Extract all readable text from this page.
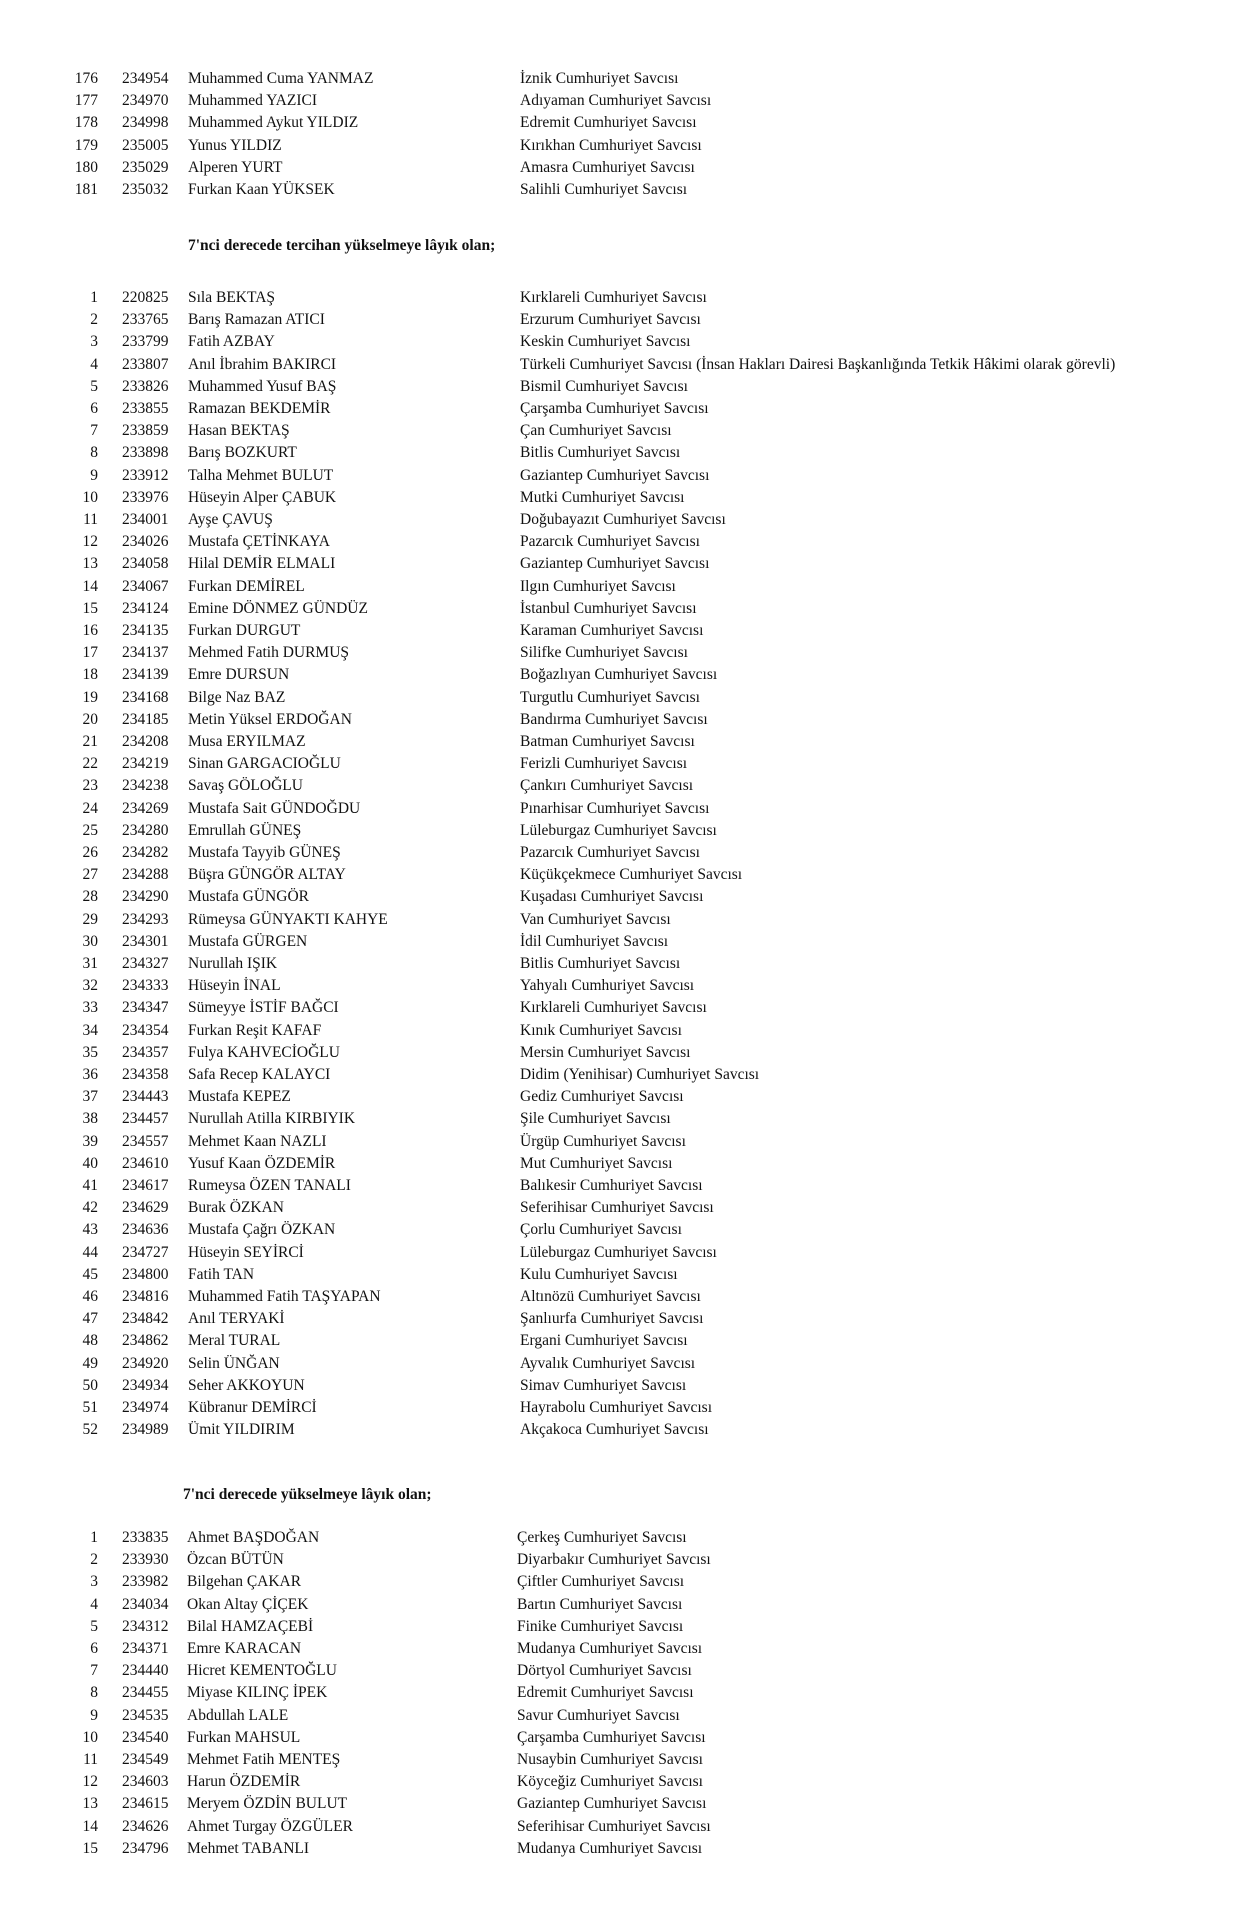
176 234954 Muhammed Cuma YANMAZ	İznik Cumhuriyet Savcısı
177 234970 Muhammed YAZICI	Adıyaman Cumhuriyet Savcısı
178 234998 Muhammed Aykut YILDIZ	Edremit Cumhuriyet Savcısı
179 235005 Yunus YILDIZ	Kırıkhan Cumhuriyet Savcısı
180 235029 Alperen YURT	Amasra Cumhuriyet Savcısı
181 235032 Furkan Kaan YÜKSEK	Salihli Cumhuriyet Savcısı
7'nci derecede tercihan yükselmeye lâyık olan;
1 220825 Sıla BEKTAŞ	Kırklareli Cumhuriyet Savcısı
2 233765 Barış Ramazan ATICI	Erzurum Cumhuriyet Savcısı
3 233799 Fatih AZBAY	Keskin Cumhuriyet Savcısı
4 233807 Anıl İbrahim BAKIRCI	Türkeli Cumhuriyet Savcısı (İnsan Hakları Dairesi Başkanlığında Tetkik Hâkimi olarak görevli)
5 233826 Muhammed Yusuf BAŞ	Bismil Cumhuriyet Savcısı
6 233855 Ramazan BEKDEMİR	Çarşamba Cumhuriyet Savcısı
7 233859 Hasan BEKTAŞ	Çan Cumhuriyet Savcısı
8 233898 Barış BOZKURT	Bitlis Cumhuriyet Savcısı
9 233912 Talha Mehmet BULUT	Gaziantep Cumhuriyet Savcısı
10 233976 Hüseyin Alper ÇABUK	Mutki Cumhuriyet Savcısı
11 234001 Ayşe ÇAVUŞ	Doğubayazıt Cumhuriyet Savcısı
12 234026 Mustafa ÇETİNKAYA	Pazarcık Cumhuriyet Savcısı
13 234058 Hilal DEMİR ELMALI	Gaziantep Cumhuriyet Savcısı
14 234067 Furkan DEMİREL	Ilgın Cumhuriyet Savcısı
15 234124 Emine DÖNMEZ GÜNDÜZ	İstanbul Cumhuriyet Savcısı
16 234135 Furkan DURGUT	Karaman Cumhuriyet Savcısı
17 234137 Mehmed Fatih DURMUŞ	Silifke Cumhuriyet Savcısı
18 234139 Emre DURSUN	Boğazlıyan Cumhuriyet Savcısı
19 234168 Bilge Naz BAZ	Turgutlu Cumhuriyet Savcısı
20 234185 Metin Yüksel ERDOĞAN	Bandırma Cumhuriyet Savcısı
21 234208 Musa ERYILMAZ	Batman Cumhuriyet Savcısı
22 234219 Sinan GARGACIOĞLU	Ferizli Cumhuriyet Savcısı
23 234238 Savaş GÖLOĞLU	Çankırı Cumhuriyet Savcısı
24 234269 Mustafa Sait GÜNDOĞDU	Pınarhisar Cumhuriyet Savcısı
25 234280 Emrullah GÜNEŞ	Lüleburgaz Cumhuriyet Savcısı
26 234282 Mustafa Tayyib GÜNEŞ	Pazarcık Cumhuriyet Savcısı
27 234288 Büşra GÜNGÖR ALTAY	Küçükçekmece Cumhuriyet Savcısı
28 234290 Mustafa GÜNGÖR	Kuşadası Cumhuriyet Savcısı
29 234293 Rümeysa GÜNYAKTI KAHYE	Van Cumhuriyet Savcısı
30 234301 Mustafa GÜRGEN	İdil Cumhuriyet Savcısı
31 234327 Nurullah IŞIK	Bitlis Cumhuriyet Savcısı
32 234333 Hüseyin İNAL	Yahyalı Cumhuriyet Savcısı
33 234347 Sümeyye İSTİF BAĞCI	Kırklareli Cumhuriyet Savcısı
34 234354 Furkan Reşit KAFAF	Kınık Cumhuriyet Savcısı
35 234357 Fulya KAHVECİOĞLU	Mersin Cumhuriyet Savcısı
36 234358 Safa Recep KALAYCI	Didim (Yenihisar) Cumhuriyet Savcısı
37 234443 Mustafa KEPEZ	Gediz Cumhuriyet Savcısı
38 234457 Nurullah Atilla KIRBIYIK	Şile Cumhuriyet Savcısı
39 234557 Mehmet Kaan NAZLI	Ürgüp Cumhuriyet Savcısı
40 234610 Yusuf Kaan ÖZDEMİR	Mut Cumhuriyet Savcısı
41 234617 Rumeysa ÖZEN TANALI	Balıkesir Cumhuriyet Savcısı
42 234629 Burak ÖZKAN	Seferihisar Cumhuriyet Savcısı
43 234636 Mustafa Çağrı ÖZKAN	Çorlu Cumhuriyet Savcısı
44 234727 Hüseyin SEYİRCİ	Lüleburgaz Cumhuriyet Savcısı
45 234800 Fatih TAN	Kulu Cumhuriyet Savcısı
46 234816 Muhammed Fatih TAŞYAPAN	Altınözü Cumhuriyet Savcısı
47 234842 Anıl TERYAKİ	Şanlıurfa Cumhuriyet Savcısı
48 234862 Meral TURAL	Ergani Cumhuriyet Savcısı
49 234920 Selin ÜNĞAN	Ayvalık Cumhuriyet Savcısı
50 234934 Seher AKKOYUN	Simav Cumhuriyet Savcısı
51 234974 Kübranur DEMİRCİ	Hayrabolu Cumhuriyet Savcısı
52 234989 Ümit YILDIRIM	Akçakoca Cumhuriyet Savcısı
7'nci derecede yükselmeye lâyık olan;
1 233835 Ahmet BAŞDOĞAN	Çerkeş Cumhuriyet Savcısı
2 233930 Özcan BÜTÜN	Diyarbakır Cumhuriyet Savcısı
3 233982 Bilgehan ÇAKAR	Çiftler Cumhuriyet Savcısı
4 234034 Okan Altay ÇİÇEK	Bartın Cumhuriyet Savcısı
5 234312 Bilal HAMZAÇEBİ	Finike Cumhuriyet Savcısı
6 234371 Emre KARACAN	Mudanya Cumhuriyet Savcısı
7 234440 Hicret KEMENTOĞLU	Dörtyol Cumhuriyet Savcısı
8 234455 Miyase KILINÇ İPEK	Edremit Cumhuriyet Savcısı
9 234535 Abdullah LALE	Savur Cumhuriyet Savcısı
10 234540 Furkan MAHSUL	Çarşamba Cumhuriyet Savcısı
11 234549 Mehmet Fatih MENTEŞ	Nusaybin Cumhuriyet Savcısı
12 234603 Harun ÖZDEMİR	Köyceğiz Cumhuriyet Savcısı
13 234615 Meryem ÖZDİN BULUT	Gaziantep Cumhuriyet Savcısı
14 234626 Ahmet Turgay ÖZGÜLER	Seferihisar Cumhuriyet Savcısı
15 234796 Mehmet TABANLI	Mudanya Cumhuriyet Savcısı
